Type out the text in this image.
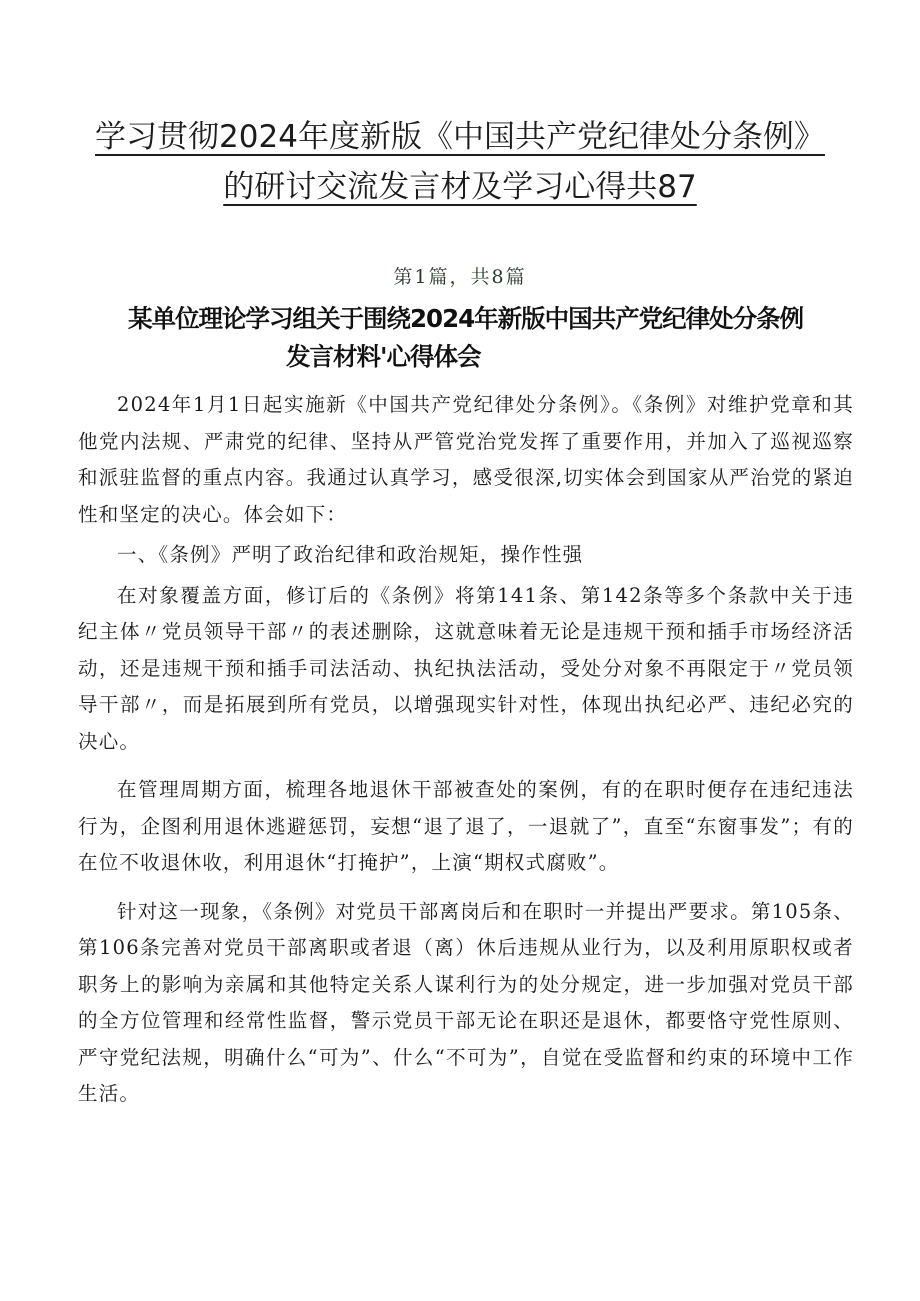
学习贯彻2024年度新版《中国共产党纪律处分条例》
的研讨交流发言材及学习心得共87
第1篇，共8篇
某单位理论学习组关于围绕2024年新版中国共产党纪律处分条例
发言材料'心得体会

2024年1月1日起实施新《中国共产党纪律处分条例》。《条例》对维护党章和其他党内法规、严肃党的纪律、坚持从严管党治党发挥了重要作用，并加入了巡视巡察和派驻监督的重点内容。我通过认真学习，感受很深,切实体会到国家从严治党的紧迫性和坚定的决心。体会如下：

一、《条例》严明了政治纪律和政治规矩，操作性强

在对象覆盖方面，修订后的《条例》将第141条、第142条等多个条款中关于违纪主体〃党员领导干部〃的表述删除，这就意味着无论是违规干预和插手市场经济活动，还是违规干预和插手司法活动、执纪执法活动，受处分对象不再限定于〃党员领导干部〃，而是拓展到所有党员，以增强现实针对性，体现出执纪必严、违纪必究的决心。

在管理周期方面，梳理各地退休干部被查处的案例，有的在职时便存在违纪违法行为，企图利用退休逃避惩罚，妄想“退了退了，一退就了”，直至“东窗事发”；有的在位不收退休收，利用退休“打掩护”，上演“期权式腐败”。

针对这一现象，《条例》对党员干部离岗后和在职时一并提出严要求。第105条、第106条完善对党员干部离职或者退（离）休后违规从业行为，以及利用原职权或者职务上的影响为亲属和其他特定关系人谋利行为的处分规定，进一步加强对党员干部的全方位管理和经常性监督，警示党员干部无论在职还是退休，都要恪守党性原则、严守党纪法规，明确什么“可为”、什么“不可为”，自觉在受监督和约束的环境中工作生活。
